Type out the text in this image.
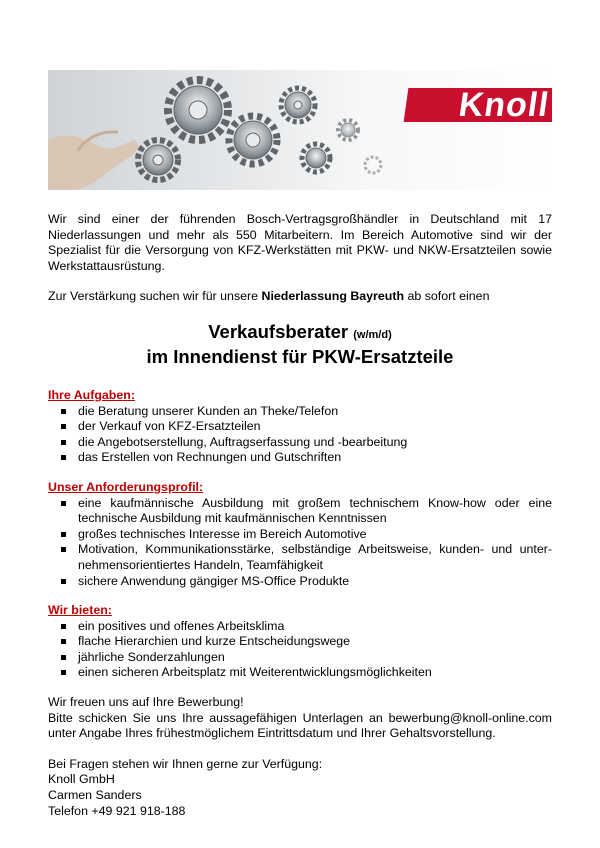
Knoll

Wir sind einer der führenden Bosch-Vertragsgroßhändler in Deutschland mit 17 Niederlassungen und mehr als 550 Mitarbeitern. Im Bereich Automotive sind wir der Spezialist für die Versorgung von KFZ-Werkstätten mit PKW- und NKW-Ersatzteilen sowie Werkstattausrüstung.

Zur Verstärkung suchen wir für unsere Niederlassung Bayreuth ab sofort einen

Verkaufsberater (w/m/d)
im Innendienst für PKW-Ersatzteile
Ihre Aufgaben:
die Beratung unserer Kunden an Theke/Telefon
der Verkauf von KFZ-Ersatzteilen
die Angebotserstellung, Auftragserfassung und -bearbeitung
das Erstellen von Rechnungen und Gutschriften
Unser Anforderungsprofil:
eine kaufmännische Ausbildung mit großem technischem Know-how oder eine technische Ausbildung mit kaufmännischen Kenntnissen
großes technisches Interesse im Bereich Automotive
Motivation, Kommunikationsstärke, selbständige Arbeitsweise, kunden- und unter-nehmensorientiertes Handeln, Teamfähigkeit
sichere Anwendung gängiger MS-Office Produkte
Wir bieten:
ein positives und offenes Arbeitsklima
flache Hierarchien und kurze Entscheidungswege
jährliche Sonderzahlungen
einen sicheren Arbeitsplatz mit Weiterentwicklungsmöglichkeiten

Wir freuen uns auf Ihre Bewerbung!

Bitte schicken Sie uns Ihre aussagefähigen Unterlagen an bewerbung@knoll-online.com unter Angabe Ihres frühestmöglichem Eintrittsdatum und Ihrer Gehaltsvorstellung.

Bei Fragen stehen wir Ihnen gerne zur Verfügung:

Knoll GmbH

Carmen Sanders

Telefon +49 921 918-188
